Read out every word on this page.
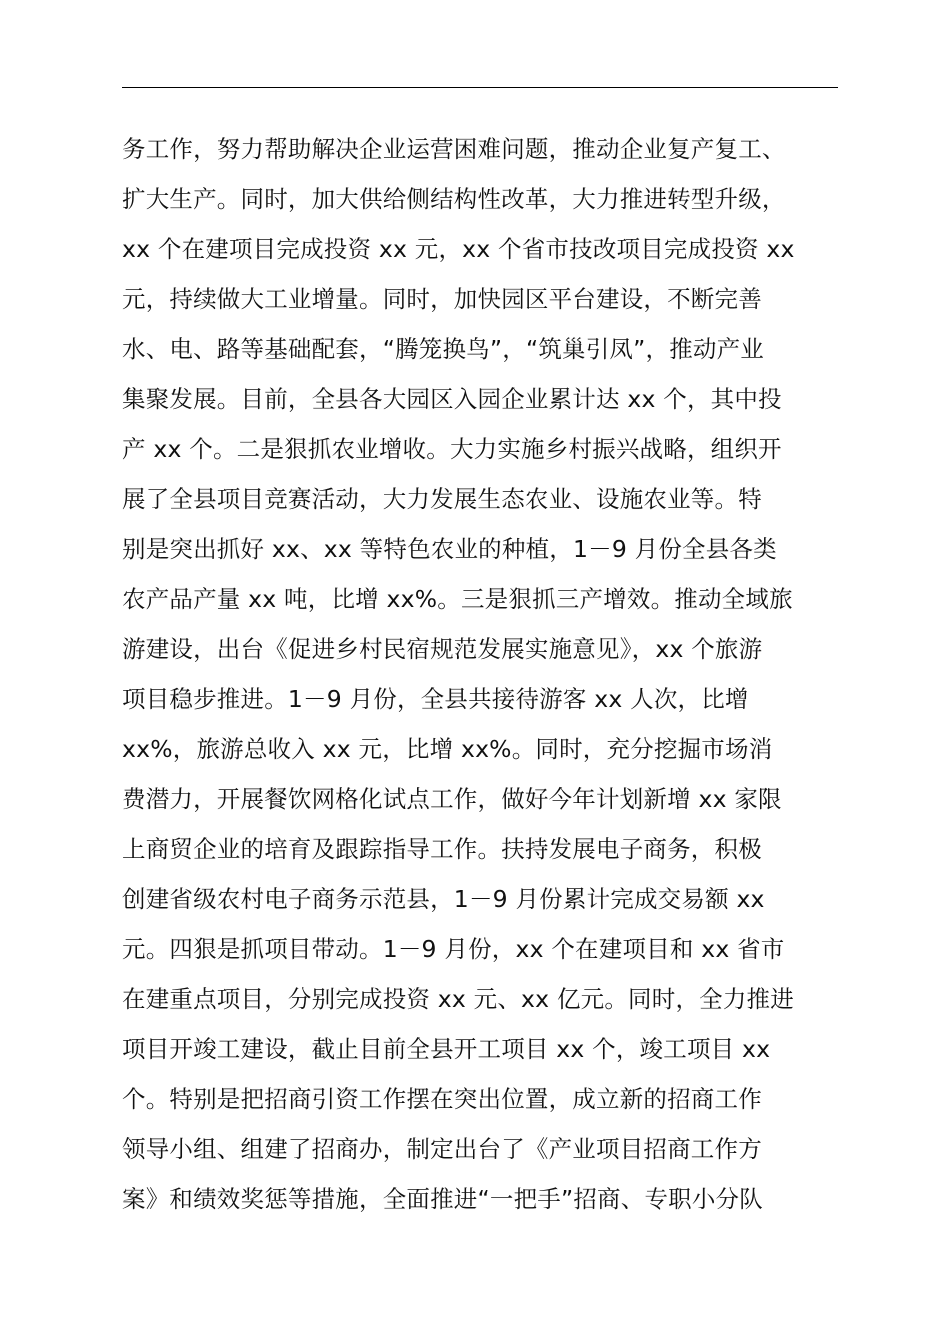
务工作，努力帮助解决企业运营困难问题，推动企业复产复工、
扩大生产。同时，加大供给侧结构性改革，大力推进转型升级，
xx 个在建项目完成投资 xx 元，xx 个省市技改项目完成投资 xx
元，持续做大工业增量。同时，加快园区平台建设，不断完善
水、电、路等基础配套，“腾笼换鸟”，“筑巢引凤”，推动产业
集聚发展。目前，全县各大园区入园企业累计达 xx 个，其中投
产 xx 个。二是狠抓农业增收。大力实施乡村振兴战略，组织开
展了全县项目竞赛活动，大力发展生态农业、设施农业等。特
别是突出抓好 xx、xx 等特色农业的种植，1－9 月份全县各类
农产品产量 xx 吨，比增 xx%。三是狠抓三产增效。推动全域旅
游建设，出台《促进乡村民宿规范发展实施意见》，xx 个旅游
项目稳步推进。1－9 月份，全县共接待游客 xx 人次，比增
xx%，旅游总收入 xx 元，比增 xx%。同时，充分挖掘市场消
费潜力，开展餐饮网格化试点工作，做好今年计划新增 xx 家限
上商贸企业的培育及跟踪指导工作。扶持发展电子商务，积极
创建省级农村电子商务示范县，1－9 月份累计完成交易额 xx
元。四狠是抓项目带动。1－9 月份，xx 个在建项目和 xx 省市
在建重点项目，分别完成投资 xx 元、xx 亿元。同时，全力推进
项目开竣工建设，截止目前全县开工项目 xx 个，竣工项目 xx
个。特别是把招商引资工作摆在突出位置，成立新的招商工作
领导小组、组建了招商办，制定出台了《产业项目招商工作方
案》和绩效奖惩等措施，全面推进“一把手”招商、专职小分队
